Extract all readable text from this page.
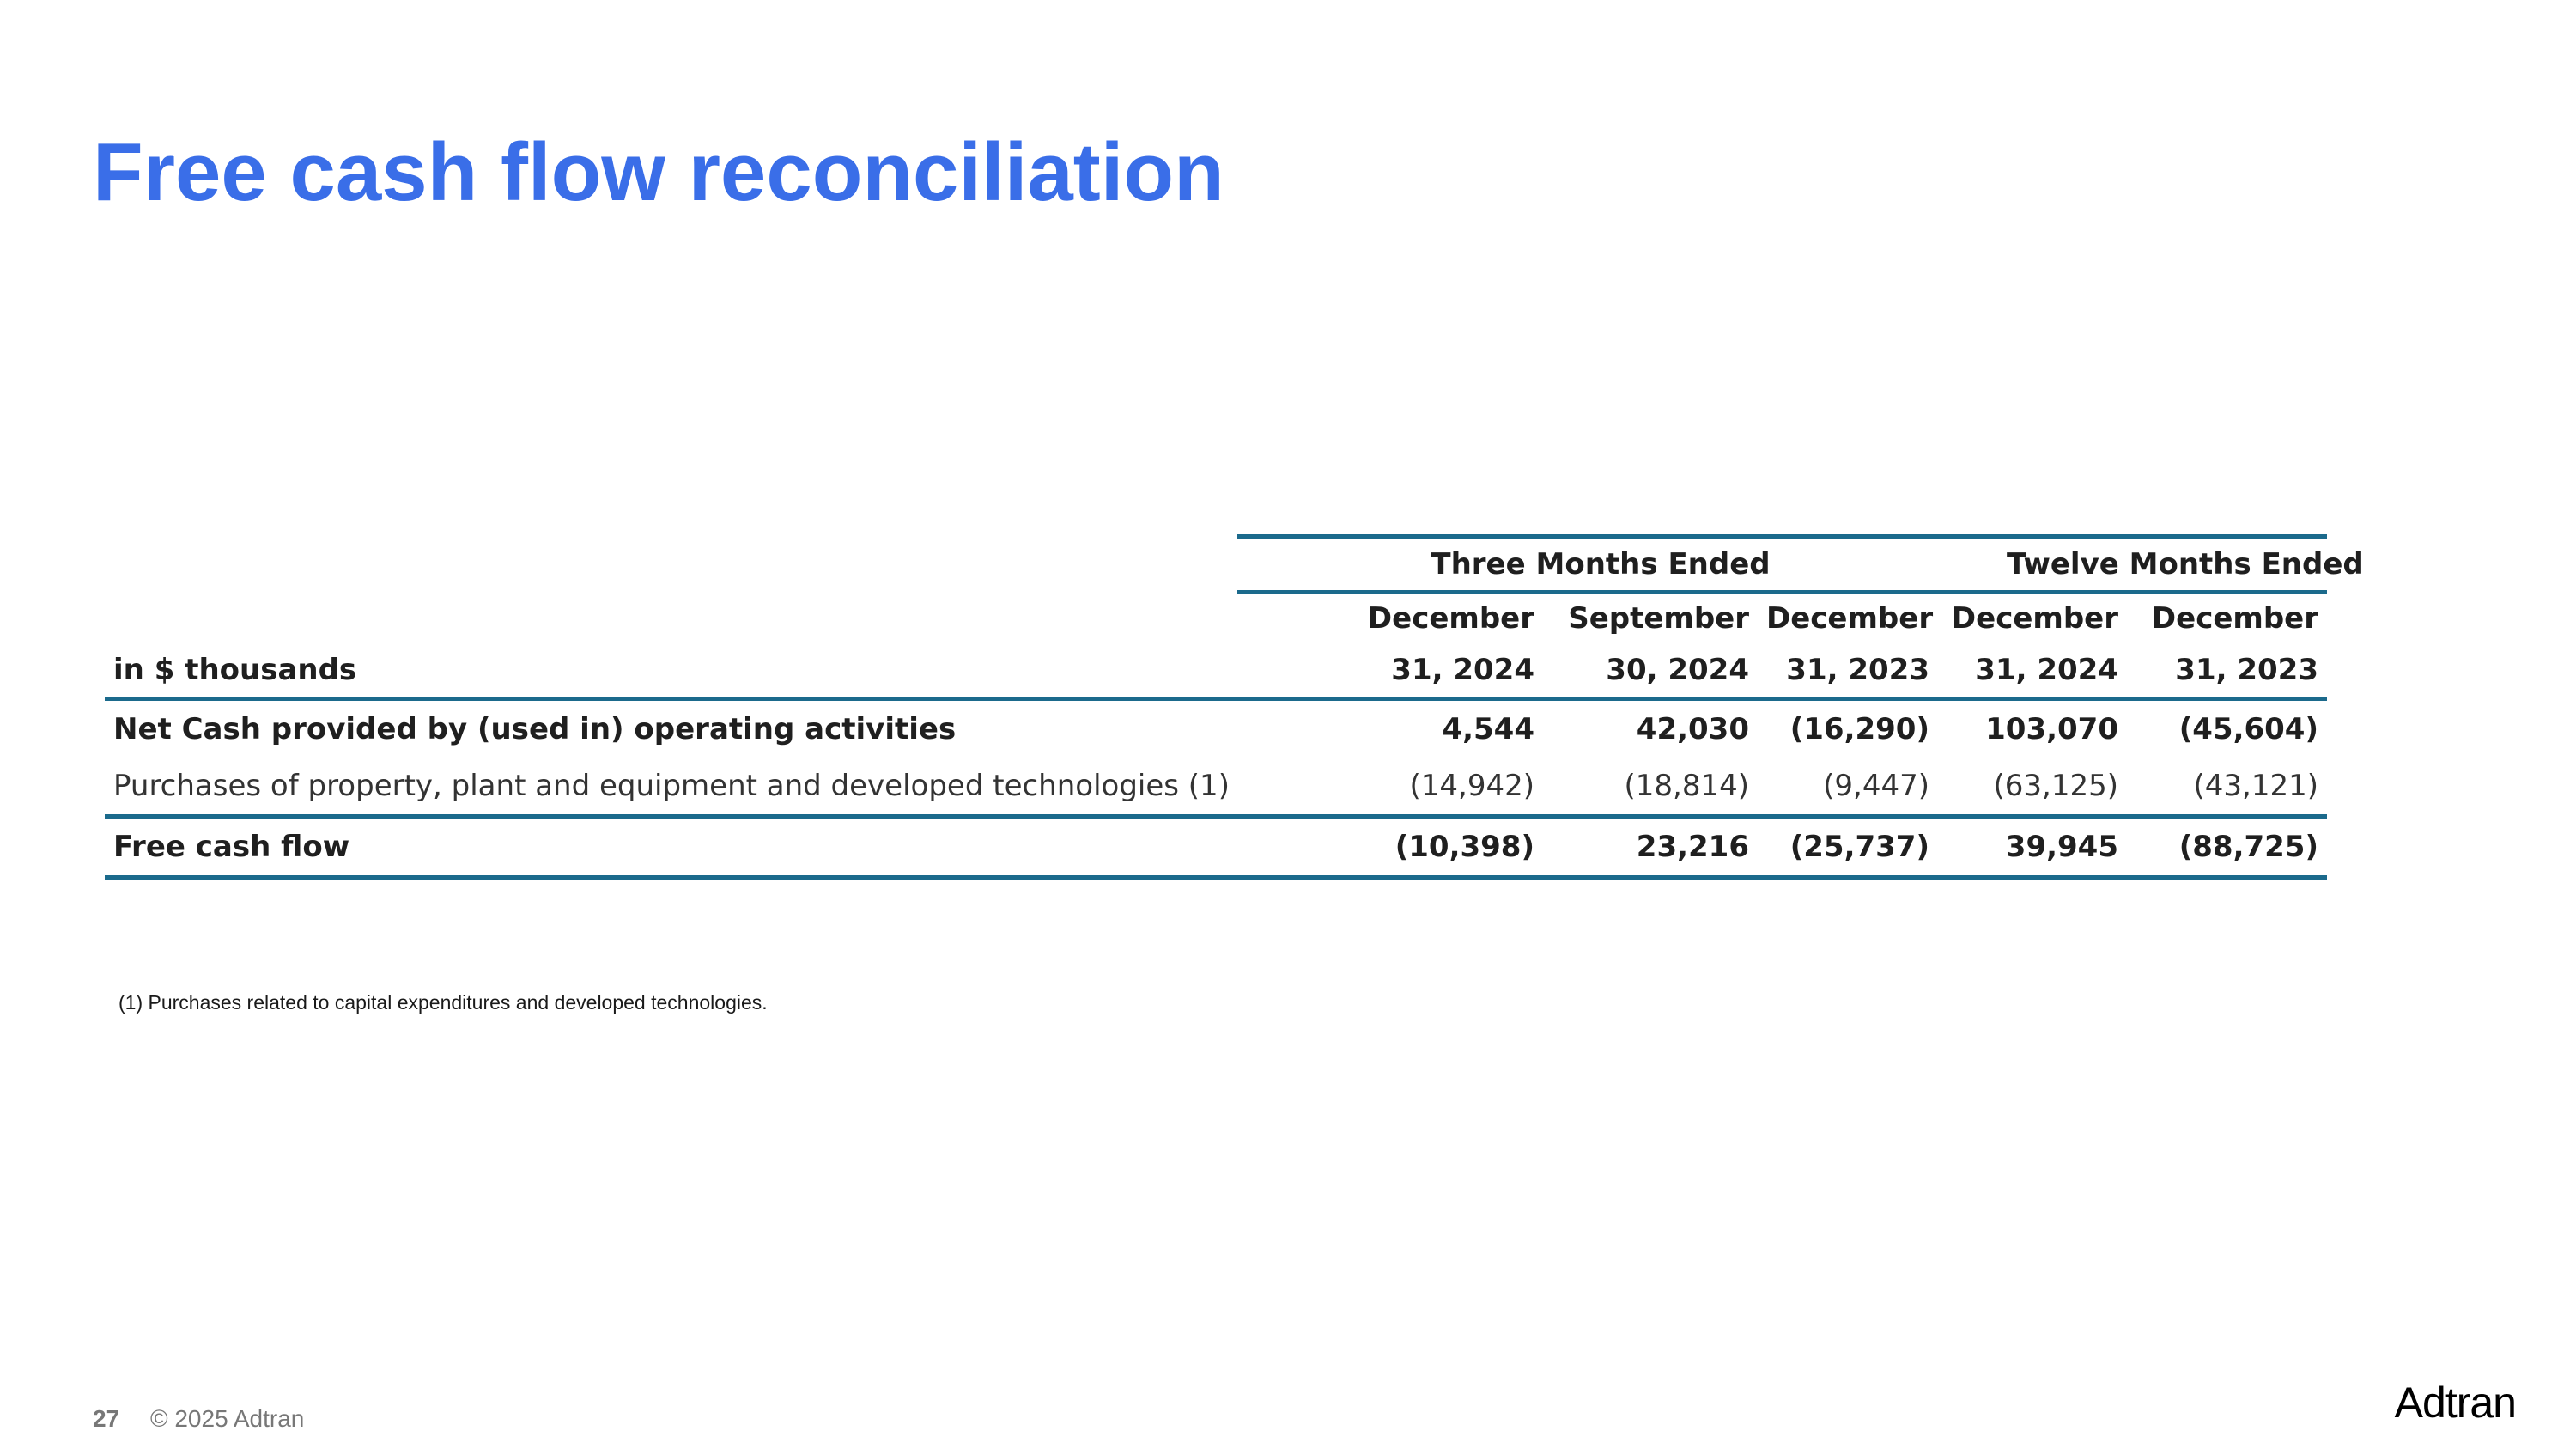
Free cash flow reconciliation
	Three Months Ended			Twelve Months Ended	
	December	September	December	December	December
in $ thousands	31, 2024	30, 2024	31, 2023	31, 2024	31, 2023
Net Cash provided by (used in) operating activities	4,544	42,030	(16,290)	103,070	(45,604)
Purchases of property, plant and equipment and developed technologies (1)	(14,942)	(18,814)	(9,447)	(63,125)	(43,121)
Free cash flow	(10,398)	23,216	(25,737)	39,945	(88,725)
(1) Purchases related to capital expenditures and developed technologies.
27 © 2025 Adtran	Adtran
